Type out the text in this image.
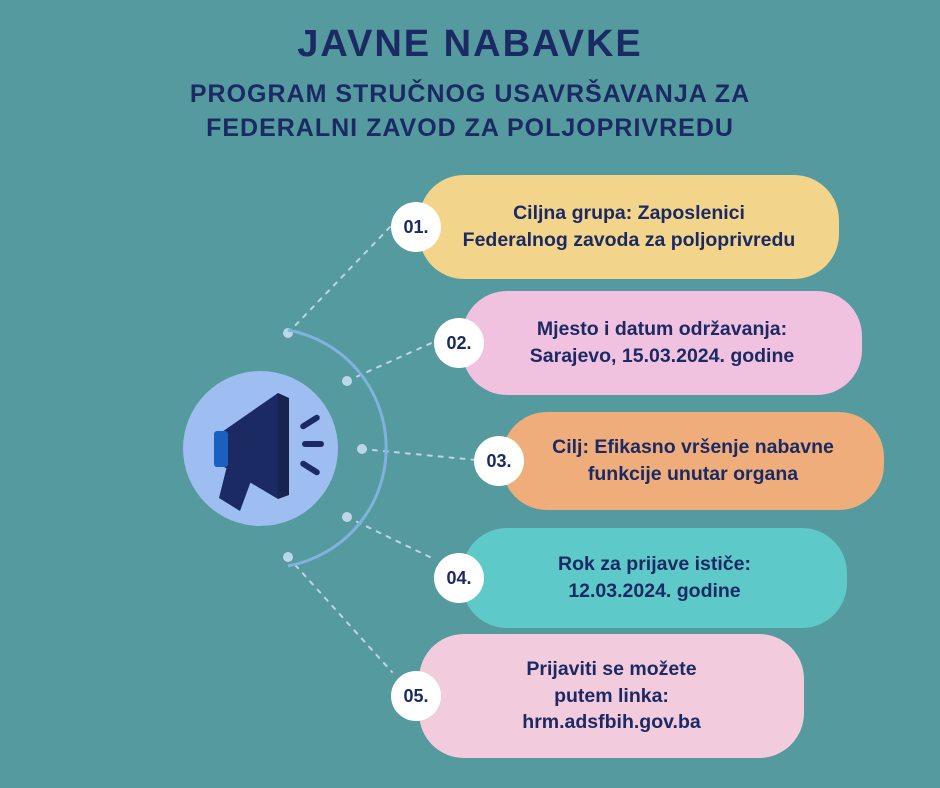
JAVNE NABAVKE
PROGRAM STRUČNOG USAVRŠAVANJA ZA
FEDERALNI ZAVOD ZA POLJOPRIVREDU
01.
Ciljna grupa: Zaposlenici
Federalnog zavoda za poljoprivredu
02.
Mjesto i datum održavanja:
Sarajevo, 15.03.2024. godine
03.
Cilj: Efikasno vršenje nabavne
funkcije unutar organa
04.
Rok za prijave ističe:
12.03.2024. godine
05.
Prijaviti se možete
putem linka:
hrm.adsfbih.gov.ba
